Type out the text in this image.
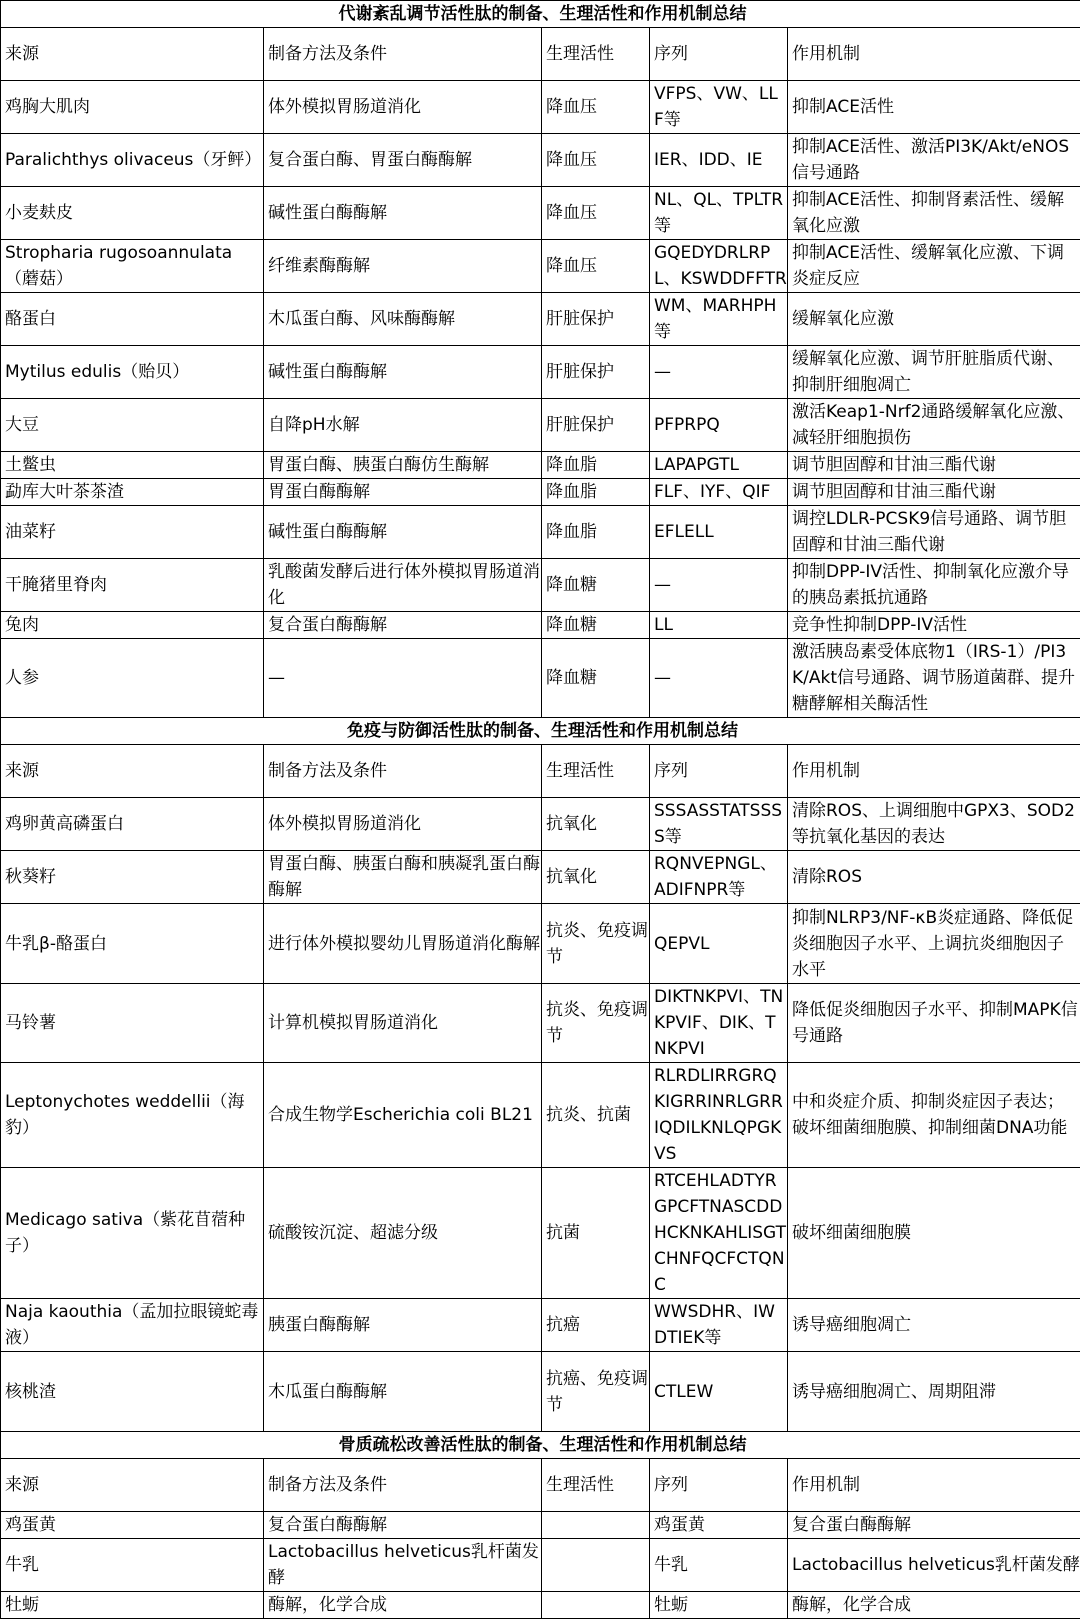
代谢紊乱调节活性肽的制备、生理活性和作用机制总结				
来源	制备方法及条件	生理活性	序列	作用机制
鸡胸大肌肉	体外模拟胃肠道消化	降血压	VFPS、VW、LLF等	抑制ACE活性
Paralichthys olivaceus（牙鲆）	复合蛋白酶、胃蛋白酶酶解	降血压	IER、IDD、IE	抑制ACE活性、激活PI3K/Akt/eNOS信号通路
小麦麸皮	碱性蛋白酶酶解	降血压	NL、QL、TPLTR等	抑制ACE活性、抑制肾素活性、缓解氧化应激
Stropharia rugosoannulata（蘑菇）	纤维素酶酶解	降血压	GQEDYDRLRPL、KSWDDFFTR	抑制ACE活性、缓解氧化应激、下调炎症反应
酪蛋白	木瓜蛋白酶、风味酶酶解	肝脏保护	WM、MARHPH等	缓解氧化应激
Mytilus edulis（贻贝）	碱性蛋白酶酶解	肝脏保护	—	缓解氧化应激、调节肝脏脂质代谢、抑制肝细胞凋亡
大豆	自降pH水解	肝脏保护	PFPRPQ	激活Keap1-Nrf2通路缓解氧化应激、减轻肝细胞损伤
土鳖虫	胃蛋白酶、胰蛋白酶仿生酶解	降血脂	LAPAPGTL	调节胆固醇和甘油三酯代谢
勐库大叶茶茶渣	胃蛋白酶酶解	降血脂	FLF、IYF、QIF	调节胆固醇和甘油三酯代谢
油菜籽	碱性蛋白酶酶解	降血脂	EFLELL	调控LDLR-PCSK9信号通路、调节胆固醇和甘油三酯代谢
干腌猪里脊肉	乳酸菌发酵后进行体外模拟胃肠道消化	降血糖	—	抑制DPP-IV活性、抑制氧化应激介导的胰岛素抵抗通路
兔肉	复合蛋白酶酶解	降血糖	LL	竞争性抑制DPP-IV活性
人参	—	降血糖	—	激活胰岛素受体底物1（IRS-1）/PI3K/Akt信号通路、调节肠道菌群、提升糖酵解相关酶活性
免疫与防御活性肽的制备、生理活性和作用机制总结				
来源	制备方法及条件	生理活性	序列	作用机制
鸡卵黄高磷蛋白	体外模拟胃肠道消化	抗氧化	SSSASSTATSSSS等	清除ROS、上调细胞中GPX3、SOD2等抗氧化基因的表达
秋葵籽	胃蛋白酶、胰蛋白酶和胰凝乳蛋白酶酶解	抗氧化	RQNVEPNGL、ADIFNPR等	清除ROS
牛乳β-酪蛋白	进行体外模拟婴幼儿胃肠道消化酶解	抗炎、免疫调节	QEPVL	抑制NLRP3/NF-κB炎症通路、降低促炎细胞因子水平、上调抗炎细胞因子水平
马铃薯	计算机模拟胃肠道消化	抗炎、免疫调节	DIKTNKPVI、TNKPVIF、DIK、TNKPVI	降低促炎细胞因子水平、抑制MAPK信号通路
Leptonychotes weddellii（海豹）	合成生物学Escherichia coli BL21	抗炎、抗菌	RLRDLIRRGRQKIGRRINRLGRRIQDILKNLQPGKVS	中和炎症介质、抑制炎症因子表达；破坏细菌细胞膜、抑制细菌DNA功能
Medicago sativa（紫花苜蓿种子）	硫酸铵沉淀、超滤分级	抗菌	RTCEHLADTYRGPCFTNASCDDHCKNKAHLISGTCHNFQCFCTQNC	破坏细菌细胞膜
Naja kaouthia（孟加拉眼镜蛇毒液）	胰蛋白酶酶解	抗癌	WWSDHR、IWDTIEK等	诱导癌细胞凋亡
核桃渣	木瓜蛋白酶酶解	抗癌、免疫调节	CTLEW	诱导癌细胞凋亡、周期阻滞
骨质疏松改善活性肽的制备、生理活性和作用机制总结				
来源	制备方法及条件	生理活性	序列	作用机制
鸡蛋黄	复合蛋白酶酶解		鸡蛋黄	复合蛋白酶酶解
牛乳	Lactobacillus helveticus乳杆菌发酵		牛乳	Lactobacillus helveticus乳杆菌发酵
牡蛎	酶解，化学合成		牡蛎	酶解，化学合成
